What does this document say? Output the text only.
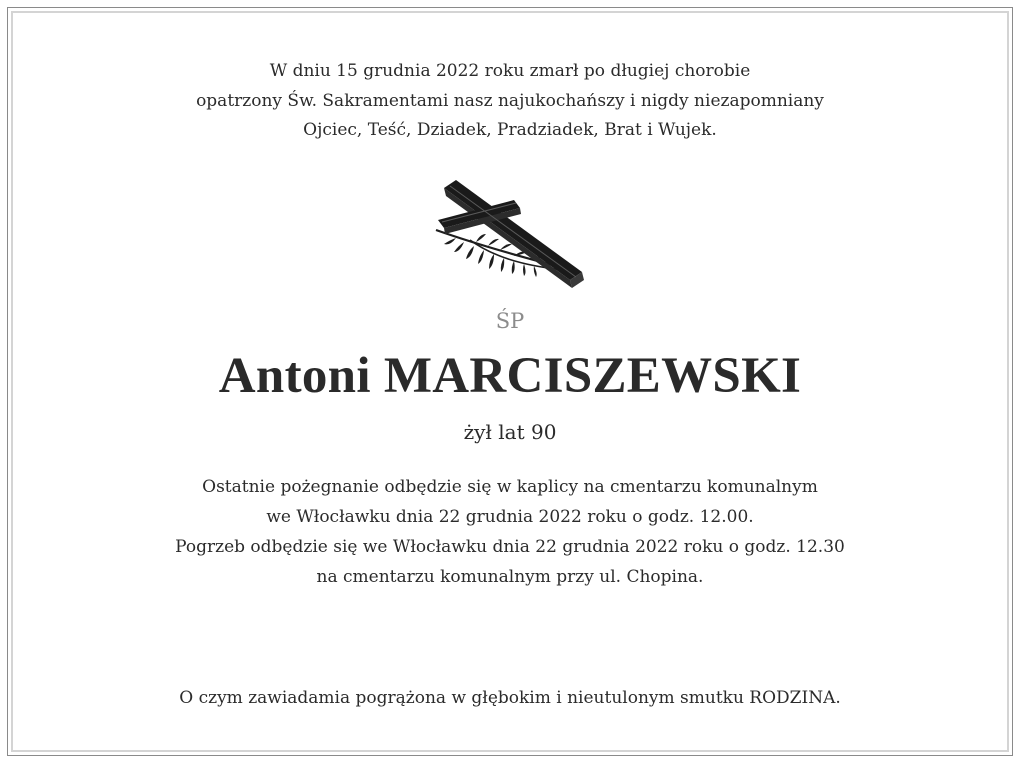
W dniu 15 grudnia 2022 roku zmarł po długiej chorobie
opatrzony Św. Sakramentami nasz najukochańszy i nigdy niezapomniany
Ojciec, Teść, Dziadek, Pradziadek, Brat i Wujek.
ŚP
Antoni MARCISZEWSKI
żył lat 90
Ostatnie pożegnanie odbędzie się w kaplicy na cmentarzu komunalnym
we Włocławku dnia 22 grudnia 2022 roku o godz. 12.00.
Pogrzeb odbędzie się we Włocławku dnia 22 grudnia 2022 roku o godz. 12.30
na cmentarzu komunalnym przy ul. Chopina.
O czym zawiadamia pogrążona w głębokim i nieutulonym smutku RODZINA.
